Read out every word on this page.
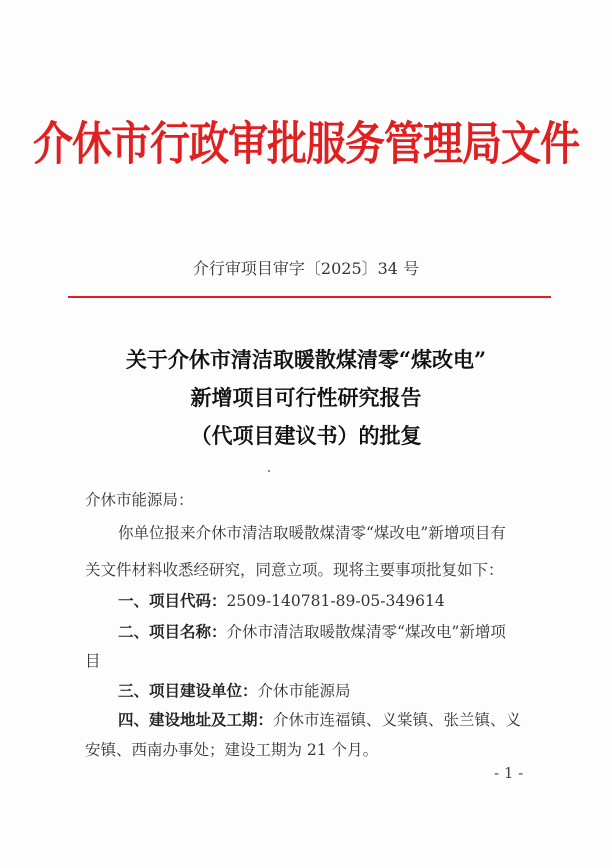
介休市行政审批服务管理局文件
介行审项目审字〔2025〕34 号
关于介休市清洁取暖散煤清零“煤改电”
新增项目可行性研究报告
（代项目建议书）的批复
介休市能源局：
你单位报来介休市清洁取暖散煤清零“煤改电”新增项目有
关文件材料收悉经研究，同意立项。现将主要事项批复如下：
一、项目代码：2509-140781-89-05-349614
二、项目名称：介休市清洁取暖散煤清零“煤改电”新增项
目
三、项目建设单位：介休市能源局
四、建设地址及工期：介休市连福镇、义棠镇、张兰镇、义
安镇、西南办事处；建设工期为 21 个月。
- 1 -
